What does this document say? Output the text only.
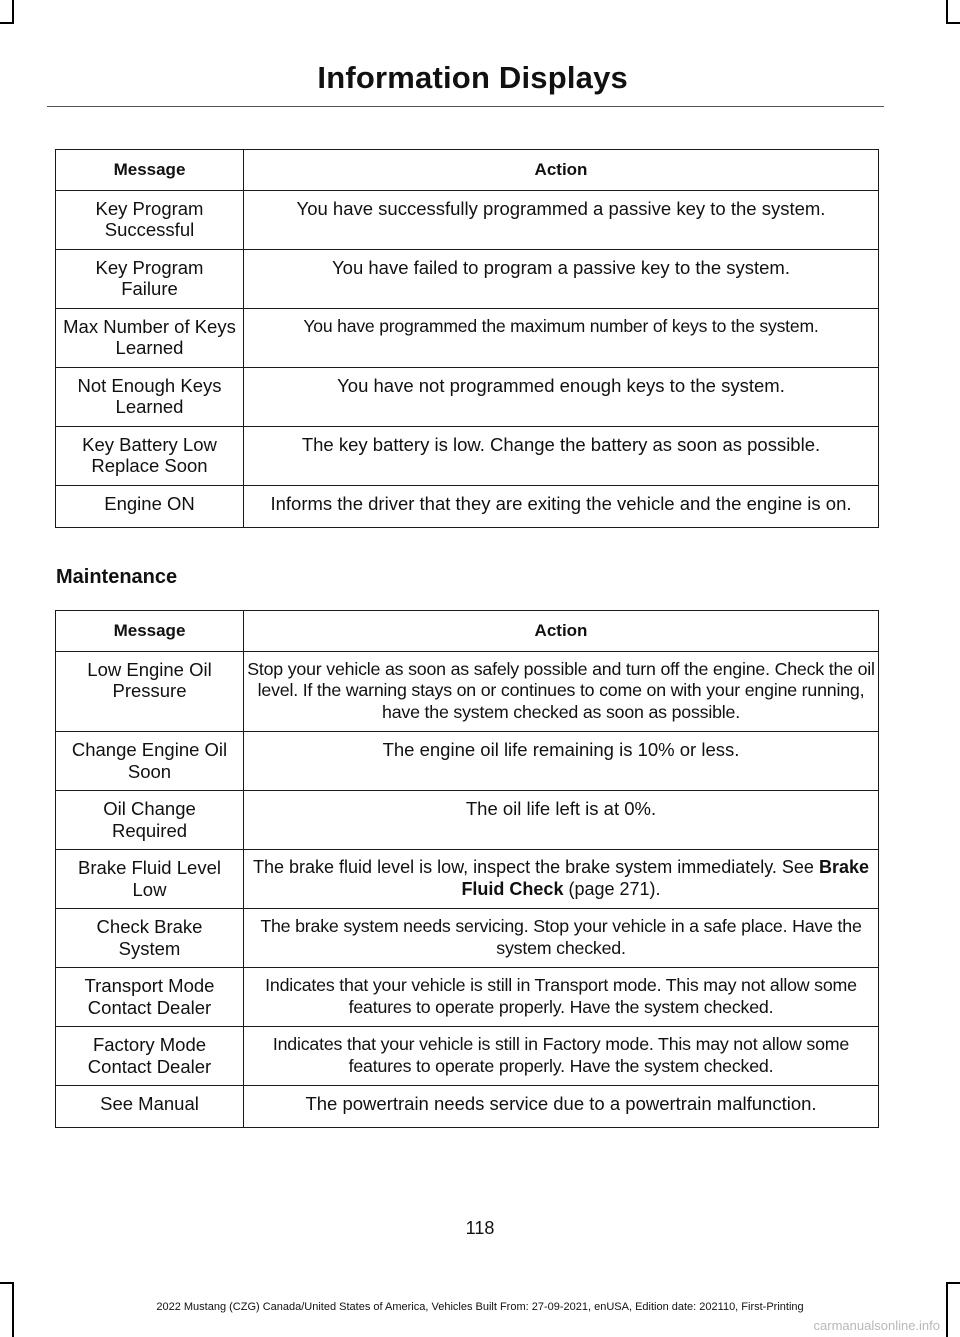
Information Displays
Message	Action
Key Program Successful	You have successfully programmed a passive key to the system.
Key Program Failure	You have failed to program a passive key to the system.
Max Number of Keys Learned	You have programmed the maximum number of keys to the system.
Not Enough Keys Learned	You have not programmed enough keys to the system.
Key Battery Low Replace Soon	The key battery is low. Change the battery as soon as possible.
Engine ON	Informs the driver that they are exiting the vehicle and the engine is on.
Maintenance
Message	Action
Low Engine Oil Pressure	Stop your vehicle as soon as safely possible and turn off the engine. Check the oil level. If the warning stays on or continues to come on with your engine running, have the system checked as soon as possible.
Change Engine Oil Soon	The engine oil life remaining is 10% or less.
Oil Change Required	The oil life left is at 0%.
Brake Fluid Level Low	The brake fluid level is low, inspect the brake system immediately. See Brake Fluid Check (page 271).
Check Brake System	The brake system needs servicing. Stop your vehicle in a safe place. Have the system checked.
Transport Mode Contact Dealer	Indicates that your vehicle is still in Transport mode. This may not allow some features to operate properly. Have the system checked.
Factory Mode Contact Dealer	Indicates that your vehicle is still in Factory mode. This may not allow some features to operate properly. Have the system checked.
See Manual	The powertrain needs service due to a powertrain malfunction.
118
2022 Mustang (CZG) Canada/United States of America, Vehicles Built From: 27-09-2021, enUSA, Edition date: 202110, First-Printing
carmanualsonline.info
